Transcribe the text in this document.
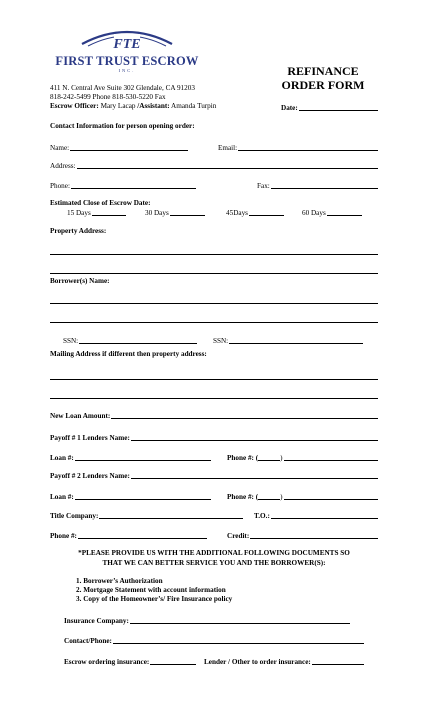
FTE
FIRST TRUST ESCROW
INC.	REFINANCE
ORDER FORM
411 N. Central Ave Suite 302 Glendale, CA 91203
818-242-5499 Phone 818-530-5220 Fax
Escrow Officer: Mary Lacap /Assistant: Amanda Turpin	Date:
Contact Information for person opening order:
Name:	Email:
Address:
Phone:	Fax:
Estimated Close of Escrow Date:
15 Days	30 Days	45Days	60 Days
Property Address:
Borrower(s) Name:
SSN:	SSN:
Mailing Address if different then property address:
New Loan Amount:
Payoff # 1 Lenders Name:
Loan #:	Phone #: (	)
Payoff # 2 Lenders Name:
Loan #:	Phone #: (	)
Title Company:	T.O.:
Phone #:	Credit:
*PLEASE PROVIDE US WITH THE ADDITIONAL FOLLOWING DOCUMENTS SO
THAT WE CAN BETTER SERVICE YOU AND THE BORROWER(S):
1. Borrower’s Authorization
2. Mortgage Statement with account information
3. Copy of the Homeowner’s/ Fire Insurance policy
Insurance Company:
Contact/Phone:
Escrow ordering insurance:	Lender / Other to order insurance:
